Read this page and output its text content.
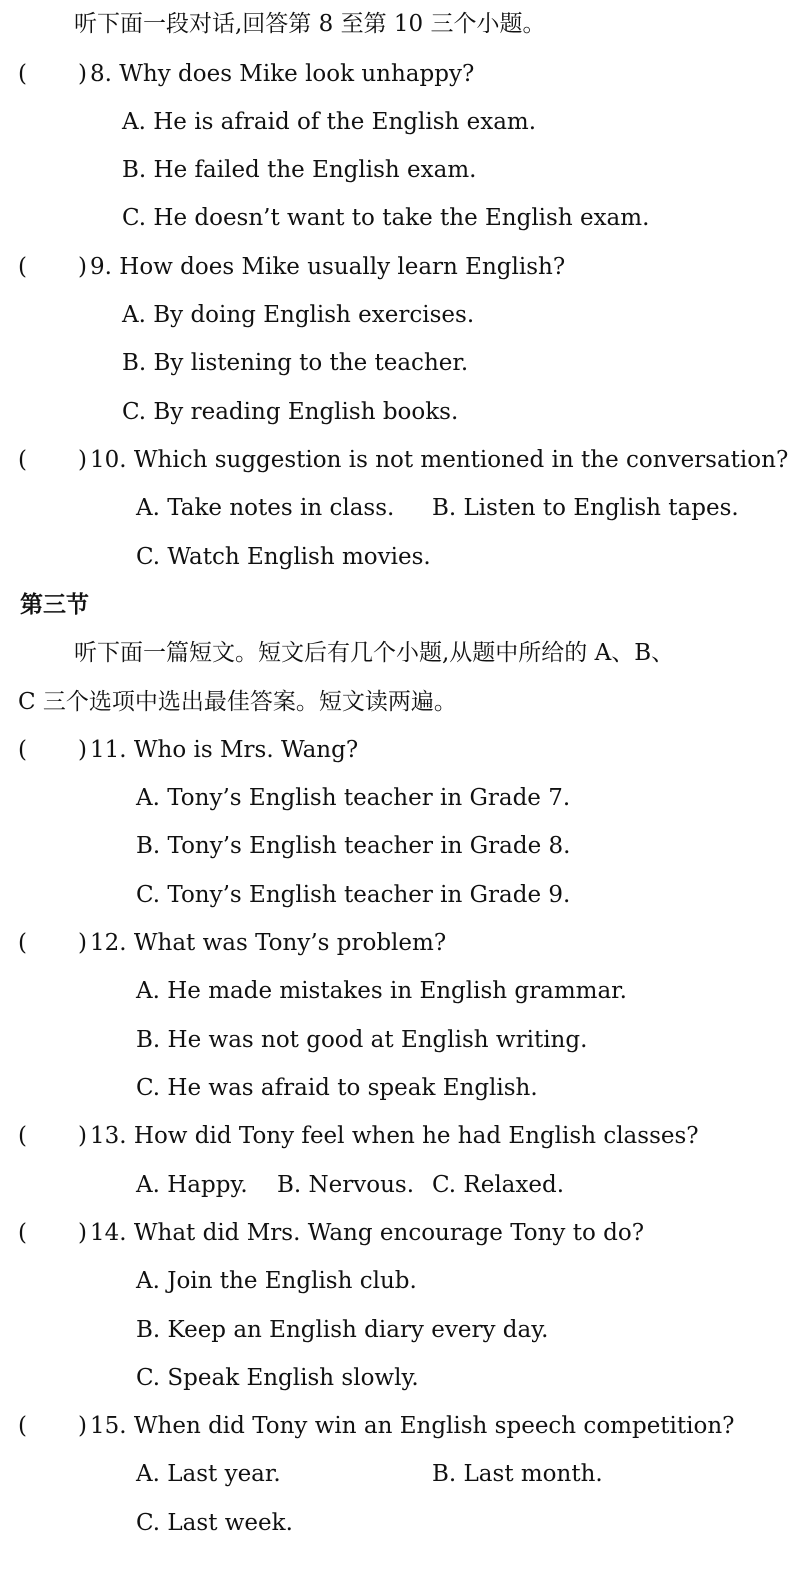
听下面一段对话,回答第 8 至第 10 三个小题。
( ) 8. Why does Mike look unhappy?
A. He is afraid of the English exam.
B. He failed the English exam.
C. He doesn’t want to take the English exam.
( ) 9. How does Mike usually learn English?
A. By doing English exercises.
B. By listening to the teacher.
C. By reading English books.
( ) 10. Which suggestion is not mentioned in the conversation?
A. Take notes in class. B. Listen to English tapes.
C. Watch English movies.
第三节
听下面一篇短文。短文后有几个小题,从题中所给的 A、B、
C 三个选项中选出最佳答案。短文读两遍。
( ) 11. Who is Mrs. Wang?
A. Tony’s English teacher in Grade 7.
B. Tony’s English teacher in Grade 8.
C. Tony’s English teacher in Grade 9.
( ) 12. What was Tony’s problem?
A. He made mistakes in English grammar.
B. He was not good at English writing.
C. He was afraid to speak English.
( ) 13. How did Tony feel when he had English classes?
A. Happy. B. Nervous. C. Relaxed.
( ) 14. What did Mrs. Wang encourage Tony to do?
A. Join the English club.
B. Keep an English diary every day.
C. Speak English slowly.
( ) 15. When did Tony win an English speech competition?
A. Last year.	B. Last month.
C. Last week.
